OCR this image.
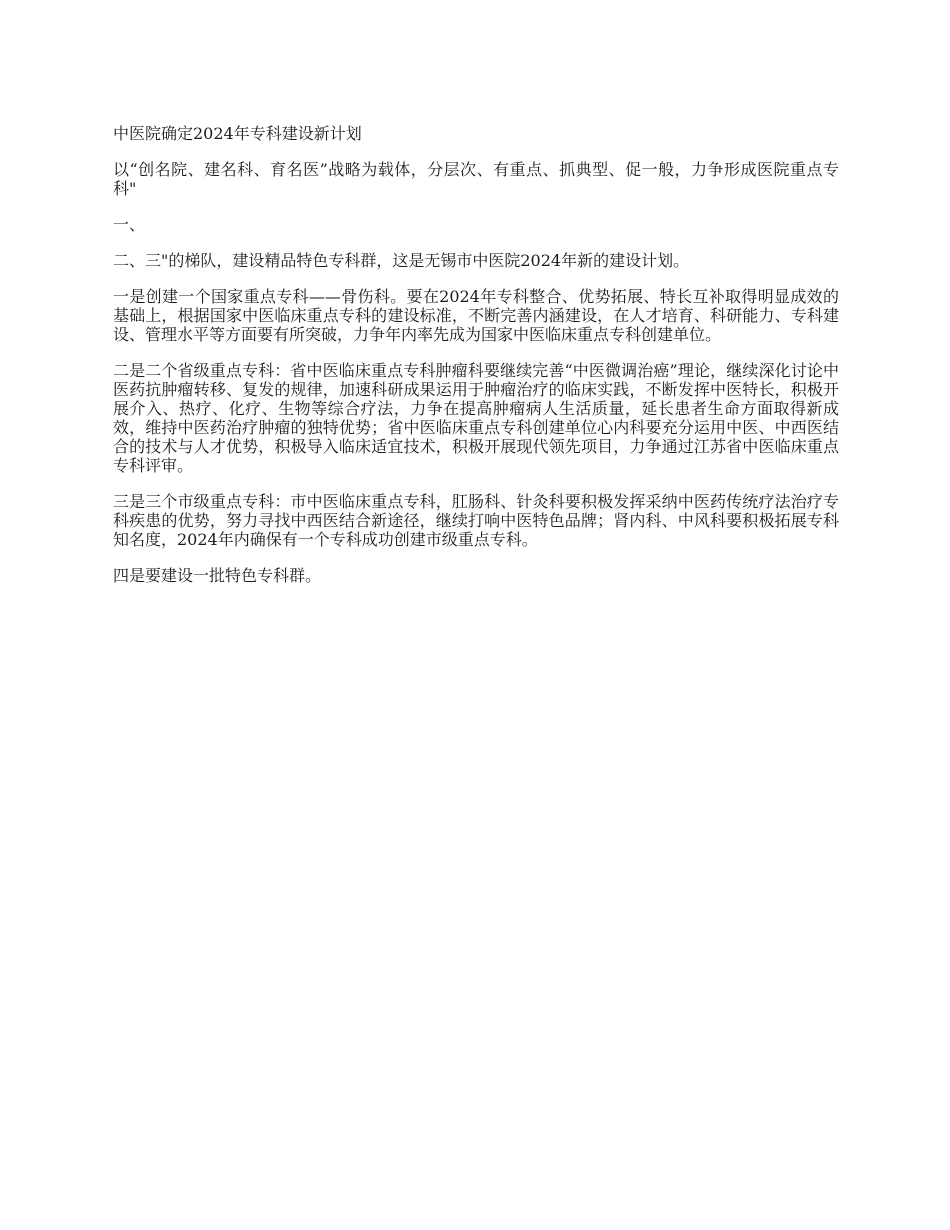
中医院确定2024年专科建设新计划

以“创名院、建名科、育名医”战略为载体，分层次、有重点、抓典型、促一般，力争形成医院重点专科"

一、

二、三"的梯队，建设精品特色专科群，这是无锡市中医院2024年新的建设计划。

一是创建一个国家重点专科——骨伤科。要在2024年专科整合、优势拓展、特长互补取得明显成效的基础上，根据国家中医临床重点专科的建设标准，不断完善内涵建设，在人才培育、科研能力、专科建设、管理水平等方面要有所突破，力争年内率先成为国家中医临床重点专科创建单位。

二是二个省级重点专科：省中医临床重点专科肿瘤科要继续完善“中医微调治癌”理论，继续深化讨论中医药抗肿瘤转移、复发的规律，加速科研成果运用于肿瘤治疗的临床实践，不断发挥中医特长，积极开展介入、热疗、化疗、生物等综合疗法，力争在提高肿瘤病人生活质量，延长患者生命方面取得新成效，维持中医药治疗肿瘤的独特优势；省中医临床重点专科创建单位心内科要充分运用中医、中西医结合的技术与人才优势，积极导入临床适宜技术，积极开展现代领先项目，力争通过江苏省中医临床重点专科评审。

三是三个市级重点专科：市中医临床重点专科，肛肠科、针灸科要积极发挥采纳中医药传统疗法治疗专科疾患的优势，努力寻找中西医结合新途径，继续打响中医特色品牌；肾内科、中风科要积极拓展专科知名度，2024年内确保有一个专科成功创建市级重点专科。

四是要建设一批特色专科群。
